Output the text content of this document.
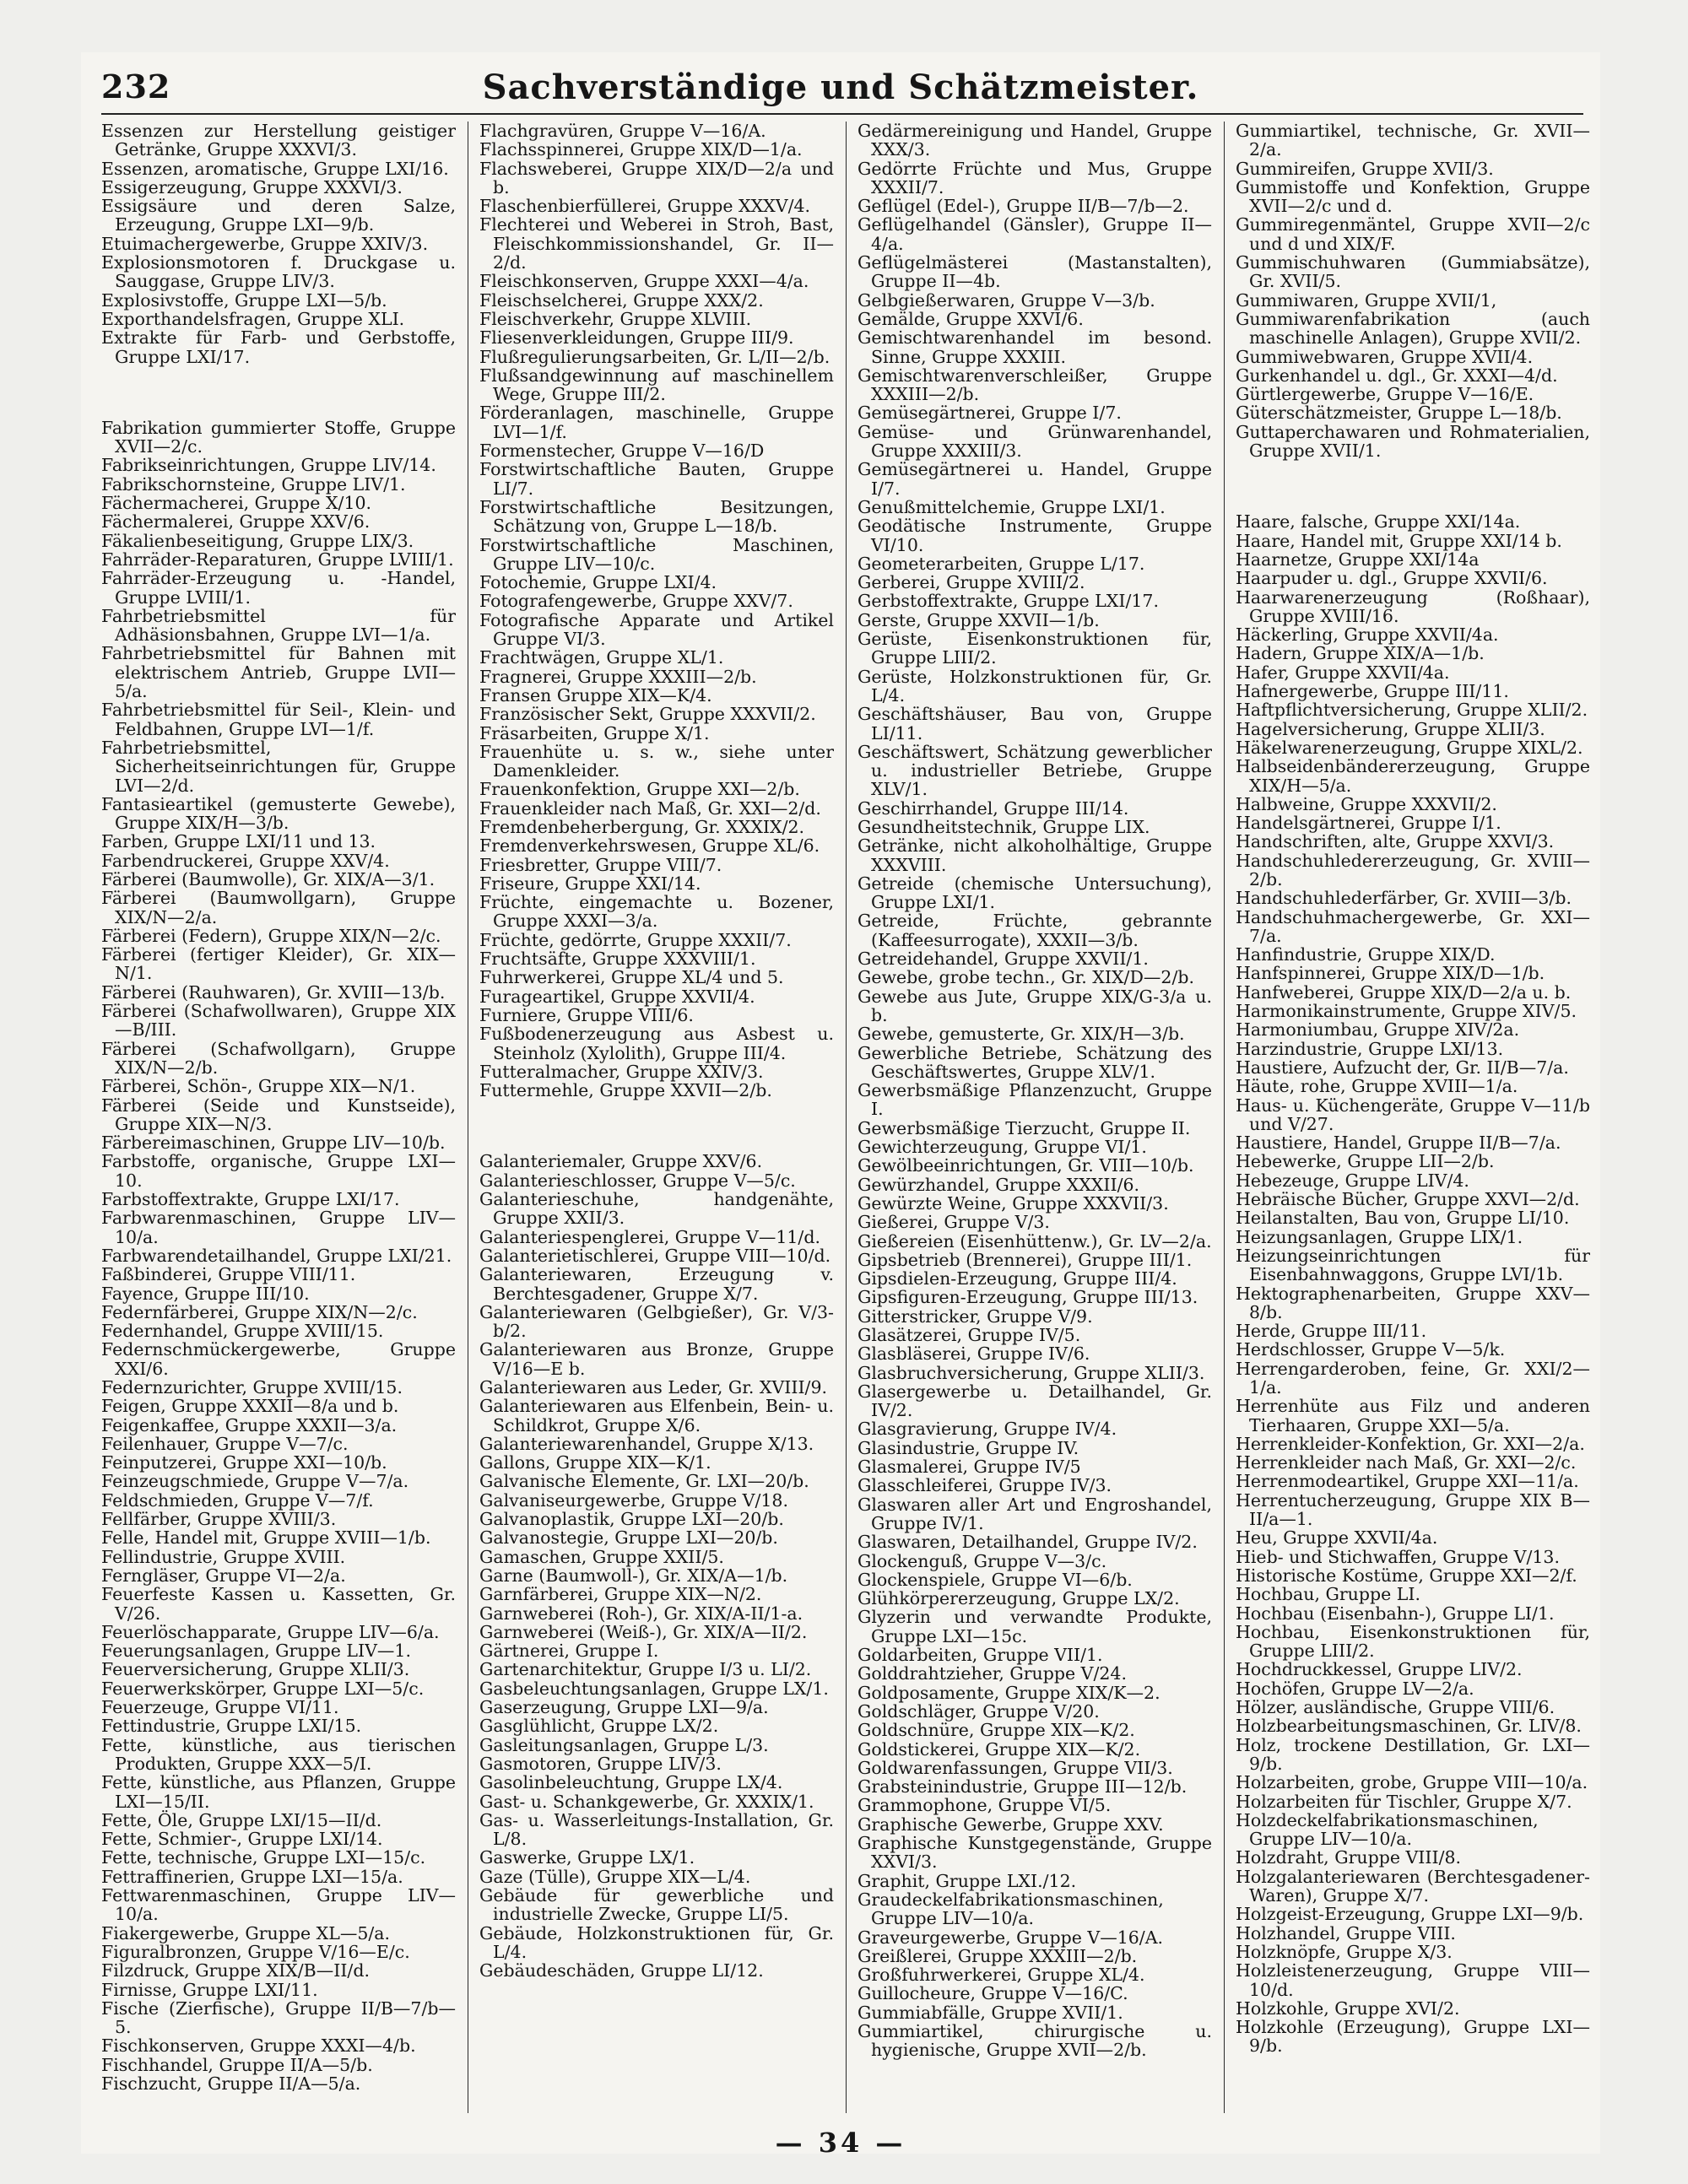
232	Sachverständige und Schätzmeister.

Essenzen zur Herstellung geistiger Getränke, Gruppe XXXVI/3.

Essenzen, aromatische, Gruppe LXI/16.

Essigerzeugung, Gruppe XXXVI/3.

Essigsäure und deren Salze, Erzeugung, Gruppe LXI—9/b.

Etuimachergewerbe, Gruppe XXIV/3.

Explosionsmotoren f. Druckgase u. Sauggase, Gruppe LIV/3.

Explosivstoffe, Gruppe LXI—5/b.

Exporthandelsfragen, Gruppe XLI.

Extrakte für Farb- und Gerbstoffe, Gruppe LXI/17.

Fabrikation gummierter Stoffe, Gruppe XVII—2/c.

Fabrikseinrichtungen, Gruppe LIV/14.

Fabrikschornsteine, Gruppe LIV/1.

Fächermacherei, Gruppe X/10.

Fächermalerei, Gruppe XXV/6.

Fäkalienbeseitigung, Gruppe LIX/3.

Fahrräder-Reparaturen, Gruppe LVIII/1.

Fahrräder-Erzeugung u. -Handel, Gruppe LVIII/1.

Fahrbetriebsmittel für Adhäsionsbahnen, Gruppe LVI—1/a.

Fahrbetriebsmittel für Bahnen mit elektrischem Antrieb, Gruppe LVII—5/a.

Fahrbetriebsmittel für Seil-, Klein- und Feldbahnen, Gruppe LVI—1/f.

Fahrbetriebsmittel, Sicherheitseinrichtungen für, Gruppe LVI—2/d.

Fantasieartikel (gemusterte Gewebe), Gruppe XIX/H—3/b.

Farben, Gruppe LXI/11 und 13.

Farbendruckerei, Gruppe XXV/4.

Färberei (Baumwolle), Gr. XIX/A—3/1.

Färberei (Baumwollgarn), Gruppe XIX/N—2/a.

Färberei (Federn), Gruppe XIX/N—2/c.

Färberei (fertiger Kleider), Gr. XIX—N/1.

Färberei (Rauhwaren), Gr. XVIII—13/b.

Färberei (Schafwollwaren), Gruppe XIX—B/III.

Färberei (Schafwollgarn), Gruppe XIX/N—2/b.

Färberei, Schön-, Gruppe XIX—N/1.

Färberei (Seide und Kunstseide), Gruppe XIX—N/3.

Färbereimaschinen, Gruppe LIV—10/b.

Farbstoffe, organische, Gruppe LXI—10.

Farbstoffextrakte, Gruppe LXI/17.

Farbwarenmaschinen, Gruppe LIV—10/a.

Farbwarendetailhandel, Gruppe LXI/21.

Faßbinderei, Gruppe VIII/11.

Fayence, Gruppe III/10.

Federnfärberei, Gruppe XIX/N—2/c.

Federnhandel, Gruppe XVIII/15.

Federnschmückergewerbe, Gruppe XXI/6.

Federnzurichter, Gruppe XVIII/15.

Feigen, Gruppe XXXII—8/a und b.

Feigenkaffee, Gruppe XXXII—3/a.

Feilenhauer, Gruppe V—7/c.

Feinputzerei, Gruppe XXI—10/b.

Feinzeugschmiede, Gruppe V—7/a.

Feldschmieden, Gruppe V—7/f.

Fellfärber, Gruppe XVIII/3.

Felle, Handel mit, Gruppe XVIII—1/b.

Fellindustrie, Gruppe XVIII.

Ferngläser, Gruppe VI—2/a.

Feuerfeste Kassen u. Kassetten, Gr. V/26.

Feuerlöschapparate, Gruppe LIV—6/a.

Feuerungsanlagen, Gruppe LIV—1.

Feuerversicherung, Gruppe XLII/3.

Feuerwerkskörper, Gruppe LXI—5/c.

Feuerzeuge, Gruppe VI/11.

Fettindustrie, Gruppe LXI/15.

Fette, künstliche, aus tierischen Produkten, Gruppe XXX—5/I.

Fette, künstliche, aus Pflanzen, Gruppe LXI—15/II.

Fette, Öle, Gruppe LXI/15—II/d.

Fette, Schmier-, Gruppe LXI/14.

Fette, technische, Gruppe LXI—15/c.

Fettraffinerien, Gruppe LXI—15/a.

Fettwarenmaschinen, Gruppe LIV—10/a.

Fiakergewerbe, Gruppe XL—5/a.

Figuralbronzen, Gruppe V/16—E/c.

Filzdruck, Gruppe XIX/B—II/d.

Firnisse, Gruppe LXI/11.

Fische (Zierfische), Gruppe II/B—7/b—5.

Fischkonserven, Gruppe XXXI—4/b.

Fischhandel, Gruppe II/A—5/b.

Fischzucht, Gruppe II/A—5/a.

Flachgravüren, Gruppe V—16/A.

Flachsspinnerei, Gruppe XIX/D—1/a.

Flachsweberei, Gruppe XIX/D—2/a und b.

Flaschenbierfüllerei, Gruppe XXXV/4.

Flechterei und Weberei in Stroh, Bast, Fleischkommissionshandel, Gr. II—2/d.

Fleischkonserven, Gruppe XXXI—4/a.

Fleischselcherei, Gruppe XXX/2.

Fleischverkehr, Gruppe XLVIII.

Fliesenverkleidungen, Gruppe III/9.

Flußregulierungsarbeiten, Gr. L/II—2/b.

Flußsandgewinnung auf maschinellem Wege, Gruppe III/2.

Förderanlagen, maschinelle, Gruppe LVI—1/f.

Formenstecher, Gruppe V—16/D

Forstwirtschaftliche Bauten, Gruppe LI/7.

Forstwirtschaftliche Besitzungen, Schätzung von, Gruppe L—18/b.

Forstwirtschaftliche Maschinen, Gruppe LIV—10/c.

Fotochemie, Gruppe LXI/4.

Fotografengewerbe, Gruppe XXV/7.

Fotografische Apparate und Artikel Gruppe VI/3.

Frachtwägen, Gruppe XL/1.

Fragnerei, Gruppe XXXIII—2/b.

Fransen Gruppe XIX—K/4.

Französischer Sekt, Gruppe XXXVII/2.

Fräsarbeiten, Gruppe X/1.

Frauenhüte u. s. w., siehe unter Damenkleider.

Frauenkonfektion, Gruppe XXI—2/b.

Frauenkleider nach Maß, Gr. XXI—2/d.

Fremdenbeherbergung, Gr. XXXIX/2.

Fremdenverkehrswesen, Gruppe XL/6.

Friesbretter, Gruppe VIII/7.

Friseure, Gruppe XXI/14.

Früchte, eingemachte u. Bozener, Gruppe XXXI—3/a.

Früchte, gedörrte, Gruppe XXXII/7.

Fruchtsäfte, Gruppe XXXVIII/1.

Fuhrwerkerei, Gruppe XL/4 und 5.

Furagеartikel, Gruppe XXVII/4.

Furniere, Gruppe VIII/6.

Fußbodenerzeugung aus Asbest u. Steinholz (Xylolith), Gruppe III/4.

Futteralmacher, Gruppe XXIV/3.

Futtermehle, Gruppe XXVII—2/b.

Galanteriemaler, Gruppe XXV/6.

Galanterieschlosser, Gruppe V—5/c.

Galanterieschuhe, handgenähte, Gruppe XXII/3.

Galanteriespenglerei, Gruppe V—11/d.

Galanterietischlerei, Gruppe VIII—10/d.

Galanteriewaren, Erzeugung v. Berchtesgadener, Gruppe X/7.

Galanteriewaren (Gelbgießer), Gr. V/3-b/2.

Galanteriewaren aus Bronze, Gruppe V/16—E b.

Galanteriewaren aus Leder, Gr. XVIII/9.

Galanteriewaren aus Elfenbein, Bein- u. Schildkrot, Gruppe X/6.

Galanteriewarenhandel, Gruppe X/13.

Gallons, Gruppe XIX—K/1.

Galvanische Elemente, Gr. LXI—20/b.

Galvaniseurgewerbe, Gruppe V/18.

Galvanoplastik, Gruppe LXI—20/b.

Galvanostegie, Gruppe LXI—20/b.

Gamaschen, Gruppe XXII/5.

Garne (Baumwoll-), Gr. XIX/A—1/b.

Garnfärberei, Gruppe XIX—N/2.

Garnweberei (Roh-), Gr. XIX/A-II/1-a.

Garnweberei (Weiß-), Gr. XIX/A—II/2.

Gärtnerei, Gruppe I.

Gartenarchitektur, Gruppe I/3 u. LI/2.

Gasbeleuchtungsanlagen, Gruppe LX/1.

Gaserzeugung, Gruppe LXI—9/a.

Gasglühlicht, Gruppe LX/2.

Gasleitungsanlagen, Gruppe L/3.

Gasmotoren, Gruppe LIV/3.

Gasolinbeleuchtung, Gruppe LX/4.

Gast- u. Schankgewerbe, Gr. XXXIX/1.

Gas- u. Wasserleitungs-Installation, Gr. L/8.

Gaswerke, Gruppe LX/1.

Gaze (Tülle), Gruppe XIX—L/4.

Gebäude für gewerbliche und industrielle Zwecke, Gruppe LI/5.

Gebäude, Holzkonstruktionen für, Gr. L/4.

Gebäudeschäden, Gruppe LI/12.

Gedärmereinigung und Handel, Gruppe XXX/3.

Gedörrte Früchte und Mus, Gruppe XXXII/7.

Geflügel (Edel-), Gruppe II/B—7/b—2.

Geflügelhandel (Gänsler), Gruppe II—4/a.

Geflügelmästerei (Mastanstalten), Gruppe II—4b.

Gelbgießerwaren, Gruppe V—3/b.

Gemälde, Gruppe XXVI/6.

Gemischtwarenhandel im besond. Sinne, Gruppe XXXIII.

Gemischtwarenverschleißer, Gruppe XXXIII—2/b.

Gemüsegärtnerei, Gruppe I/7.

Gemüse- und Grünwarenhandel, Gruppe XXXIII/3.

Gemüsegärtnerei u. Handel, Gruppe I/7.

Genußmittelchemie, Gruppe LXI/1.

Geodätische Instrumente, Gruppe VI/10.

Geometerarbeiten, Gruppe L/17.

Gerberei, Gruppe XVIII/2.

Gerbstoffextrakte, Gruppe LXI/17.

Gerste, Gruppe XXVII—1/b.

Gerüste, Eisenkonstruktionen für, Gruppe LIII/2.

Gerüste, Holzkonstruktionen für, Gr. L/4.

Geschäftshäuser, Bau von, Gruppe LI/11.

Geschäftswert, Schätzung gewerblicher u. industrieller Betriebe, Gruppe XLV/1.

Geschirrhandel, Gruppe III/14.

Gesundheitstechnik, Gruppe LIX.

Getränke, nicht alkoholhältige, Gruppe XXXVIII.

Getreide (chemische Untersuchung), Gruppe LXI/1.

Getreide, Früchte, gebrannte (Kaffeesurrogate), XXXII—3/b.

Getreidehandel, Gruppe XXVII/1.

Gewebe, grobe techn., Gr. XIX/D—2/b.

Gewebe aus Jute, Gruppe XIX/G-3/a u. b.

Gewebe, gemusterte, Gr. XIX/H—3/b.

Gewerbliche Betriebe, Schätzung des Geschäftswertes, Gruppe XLV/1.

Gewerbsmäßige Pflanzenzucht, Gruppe I.

Gewerbsmäßige Tierzucht, Gruppe II.

Gewichterzeugung, Gruppe VI/1.

Gewölbeeinrichtungen, Gr. VIII—10/b.

Gewürzhandel, Gruppe XXXII/6.

Gewürzte Weine, Gruppe XXXVII/3.

Gießerei, Gruppe V/3.

Gießereien (Eisenhüttenw.), Gr. LV—2/a.

Gipsbetrieb (Brennerei), Gruppe III/1.

Gipsdielen-Erzeugung, Gruppe III/4.

Gipsfiguren-Erzeugung, Gruppe III/13.

Gitterstricker, Gruppe V/9.

Glasätzerei, Gruppe IV/5.

Glasbläserei, Gruppe IV/6.

Glasbruchversicherung, Gruppe XLII/3.

Glasergewerbe u. Detailhandel, Gr. IV/2.

Glasgravierung, Gruppe IV/4.

Glasindustrie, Gruppe IV.

Glasmalerei, Gruppe IV/5

Glasschleiferei, Gruppe IV/3.

Glaswaren aller Art und Engroshandel, Gruppe IV/1.

Glaswaren, Detailhandel, Gruppe IV/2.

Glockenguß, Gruppe V—3/c.

Glockenspiele, Gruppe VI—6/b.

Glühkörpererzeugung, Gruppe LX/2.

Glyzerin und verwandte Produkte, Gruppe LXI—15c.

Goldarbeiten, Gruppe VII/1.

Golddrahtzieher, Gruppe V/24.

Goldposamente, Gruppe XIX/K—2.

Goldschläger, Gruppe V/20.

Goldschnüre, Gruppe XIX—K/2.

Goldstickerei, Gruppe XIX—K/2.

Goldwarenfassungen, Gruppe VII/3.

Grabsteinindustrie, Gruppe III—12/b.

Grammophone, Gruppe VI/5.

Graphische Gewerbe, Gruppe XXV.

Graphische Kunstgegenstände, Gruppe XXVI/3.

Graphit, Gruppe LXI./12.

Graudeckelfabrikationsmaschinen, Gruppe LIV—10/a.

Graveurgewerbe, Gruppe V—16/A.

Greißlerei, Gruppe XXXIII—2/b.

Großfuhrwerkerei, Gruppe XL/4.

Guillocheure, Gruppe V—16/C.

Gummiabfälle, Gruppe XVII/1.

Gummiartikel, chirurgische u. hygienische, Gruppe XVII—2/b.

Gummiartikel, technische, Gr. XVII—2/a.

Gummireifen, Gruppe XVII/3.

Gummistoffe und Konfektion, Gruppe XVII—2/c und d.

Gummiregenmäntel, Gruppe XVII—2/c und d und XIX/F.

Gummischuhwaren (Gummiabsätze), Gr. XVII/5.

Gummiwaren, Gruppe XVII/1,

Gummiwarenfabrikation (auch maschinelle Anlagen), Gruppe XVII/2.

Gummiwebwaren, Gruppe XVII/4.

Gurkenhandel u. dgl., Gr. XXXI—4/d.

Gürtlergewerbe, Gruppe V—16/E.

Güterschätzmeister, Gruppe L—18/b.

Guttaperchawaren und Rohmaterialien, Gruppe XVII/1.

Haare, falsche, Gruppe XXI/14a.

Haare, Handel mit, Gruppe XXI/14 b.

Haarnetze, Gruppe XXI/14a

Haarpuder u. dgl., Gruppe XXVII/6.

Haarwarenerzeugung (Roßhaar), Gruppe XVIII/16.

Häckerling, Gruppe XXVII/4a.

Hadern, Gruppe XIX/A—1/b.

Hafer, Gruppe XXVII/4a.

Hafnergewerbe, Gruppe III/11.

Haftpflichtversicherung, Gruppe XLII/2.

Hagelversicherung, Gruppe XLII/3.

Häkelwarenerzeugung, Gruppe XIXL/2.

Halbseidenbändererzeugung, Gruppe XIX/H—5/a.

Halbweine, Gruppe XXXVII/2.

Handelsgärtnerei, Gruppe I/1.

Handschriften, alte, Gruppe XXVI/3.

Handschuhledererzeugung, Gr. XVIII—2/b.

Handschuhlederfärber, Gr. XVIII—3/b.

Handschuhmachergewerbe, Gr. XXI—7/a.

Hanfindustrie, Gruppe XIX/D.

Hanfspinnerei, Gruppe XIX/D—1/b.

Hanfweberei, Gruppe XIX/D—2/a u. b.

Harmonikainstrumente, Gruppe XIV/5.

Harmoniumbau, Gruppe XIV/2a.

Harzindustrie, Gruppe LXI/13.

Haustiere, Aufzucht der, Gr. II/B—7/a.

Häute, rohe, Gruppe XVIII—1/a.

Haus- u. Küchengeräte, Gruppe V—11/b und V/27.

Haustiere, Handel, Gruppe II/B—7/a.

Hebewerke, Gruppe LII—2/b.

Hebezeuge, Gruppe LIV/4.

Hebräische Bücher, Gruppe XXVI—2/d.

Heilanstalten, Bau von, Gruppe LI/10.

Heizungsanlagen, Gruppe LIX/1.

Heizungseinrichtungen für Eisenbahnwaggons, Gruppe LVI/1b.

Hektographenarbeiten, Gruppe XXV—8/b.

Herde, Gruppe III/11.

Herdschlosser, Gruppe V—5/k.

Herrengarderoben, feine, Gr. XXI/2—1/a.

Herrenhüte aus Filz und anderen Tierhaaren, Gruppe XXI—5/a.

Herrenkleider-Konfektion, Gr. XXI—2/a.

Herrenkleider nach Maß, Gr. XXI—2/c.

Herrenmodeartikel, Gruppe XXI—11/a.

Herrentucherzeugung, Gruppe XIX B—II/a—1.

Heu, Gruppe XXVII/4a.

Hieb- und Stichwaffen, Gruppe V/13.

Historische Kostüme, Gruppe XXI—2/f.

Hochbau, Gruppe LI.

Hochbau (Eisenbahn-), Gruppe LI/1.

Hochbau, Eisenkonstruktionen für, Gruppe LIII/2.

Hochdruckkessel, Gruppe LIV/2.

Hochöfen, Gruppe LV—2/a.

Hölzer, ausländische, Gruppe VIII/6.

Holzbearbeitungsmaschinen, Gr. LIV/8.

Holz, trockene Destillation, Gr. LXI—9/b.

Holzarbeiten, grobe, Gruppe VIII—10/a.

Holzarbeiten für Tischler, Gruppe X/7.

Holzdeckelfabrikationsmaschinen, Gruppe LIV—10/a.

Holzdraht, Gruppe VIII/8.

Holzgalanteriewaren (Berchtesgadener-Waren), Gruppe X/7.

Holzgeist-Erzeugung, Gruppe LXI—9/b.

Holzhandel, Gruppe VIII.

Holzknöpfe, Gruppe X/3.

Holzleistenerzeugung, Gruppe VIII—10/d.

Holzkohle, Gruppe XVI/2.

Holzkohle (Erzeugung), Gruppe LXI—9/b.

— 34 —
